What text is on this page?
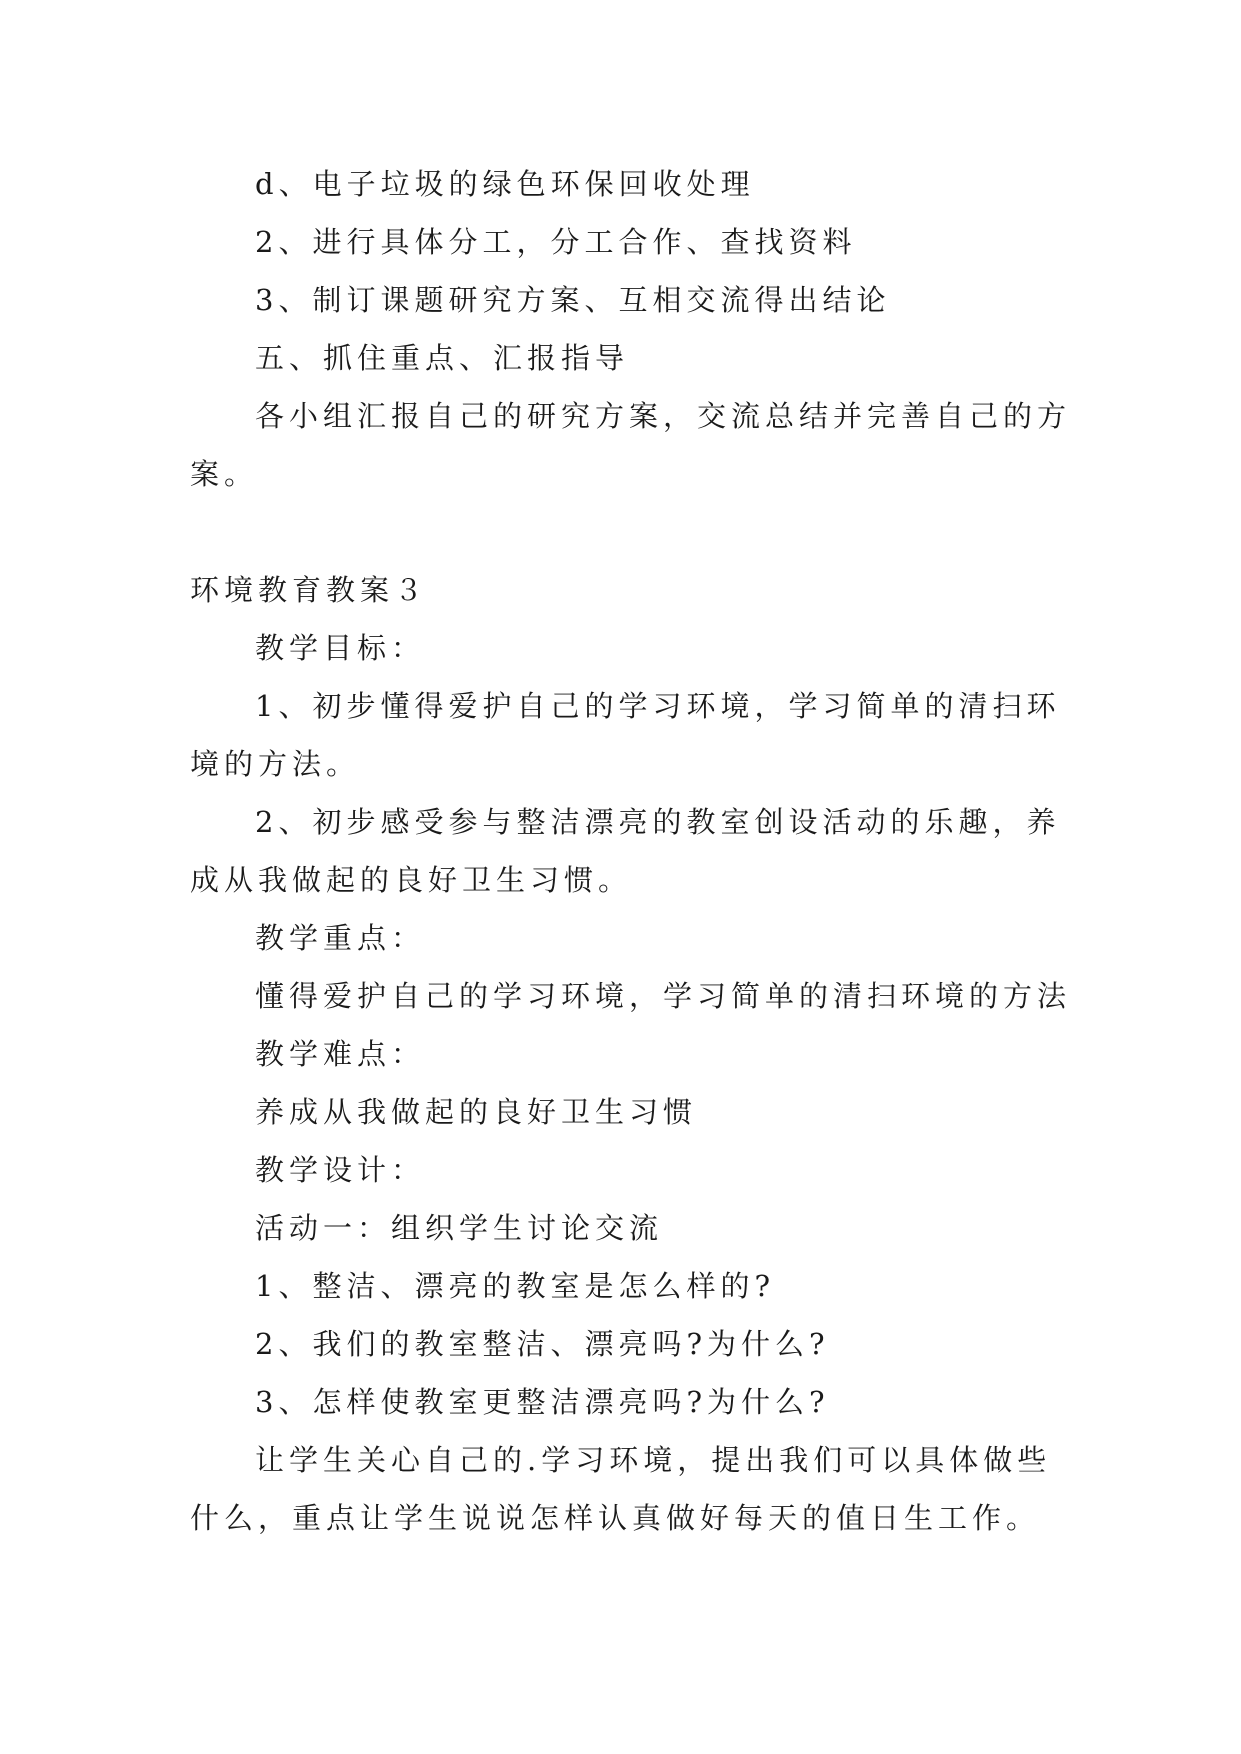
d、电子垃圾的绿色环保回收处理

2、进行具体分工，分工合作、查找资料

3、制订课题研究方案、互相交流得出结论

五、抓住重点、汇报指导

各小组汇报自己的研究方案，交流总结并完善自己的方

案。

环境教育教案３

教学目标：

1、初步懂得爱护自己的学习环境，学习简单的清扫环

境的方法。

2、初步感受参与整洁漂亮的教室创设活动的乐趣，养

成从我做起的良好卫生习惯。

教学重点：

懂得爱护自己的学习环境，学习简单的清扫环境的方法

教学难点：

养成从我做起的良好卫生习惯

教学设计：

活动一：组织学生讨论交流

1、整洁、漂亮的教室是怎么样的?

2、我们的教室整洁、漂亮吗?为什么?

3、怎样使教室更整洁漂亮吗?为什么?

让学生关心自己的.学习环境，提出我们可以具体做些

什么，重点让学生说说怎样认真做好每天的值日生工作。
